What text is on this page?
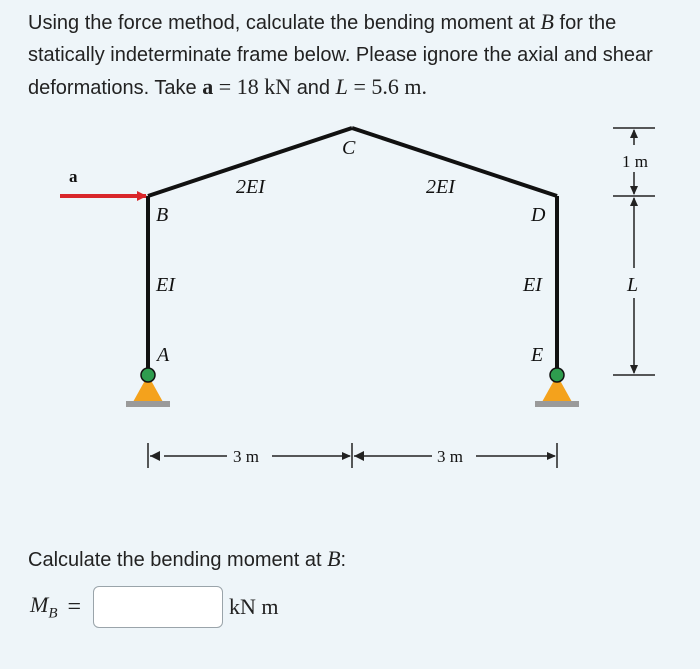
Using the force method, calculate the bending moment at B for the statically indeterminate frame below. Please ignore the axial and shear deformations. Take a = 18 kN and L = 5.6 m.
a
B
C
D
A	E
2EI	2EI
EI	EI
3 m	3 m
1 m
L
Calculate the bending moment at B:
$M_B$ =	kN m
